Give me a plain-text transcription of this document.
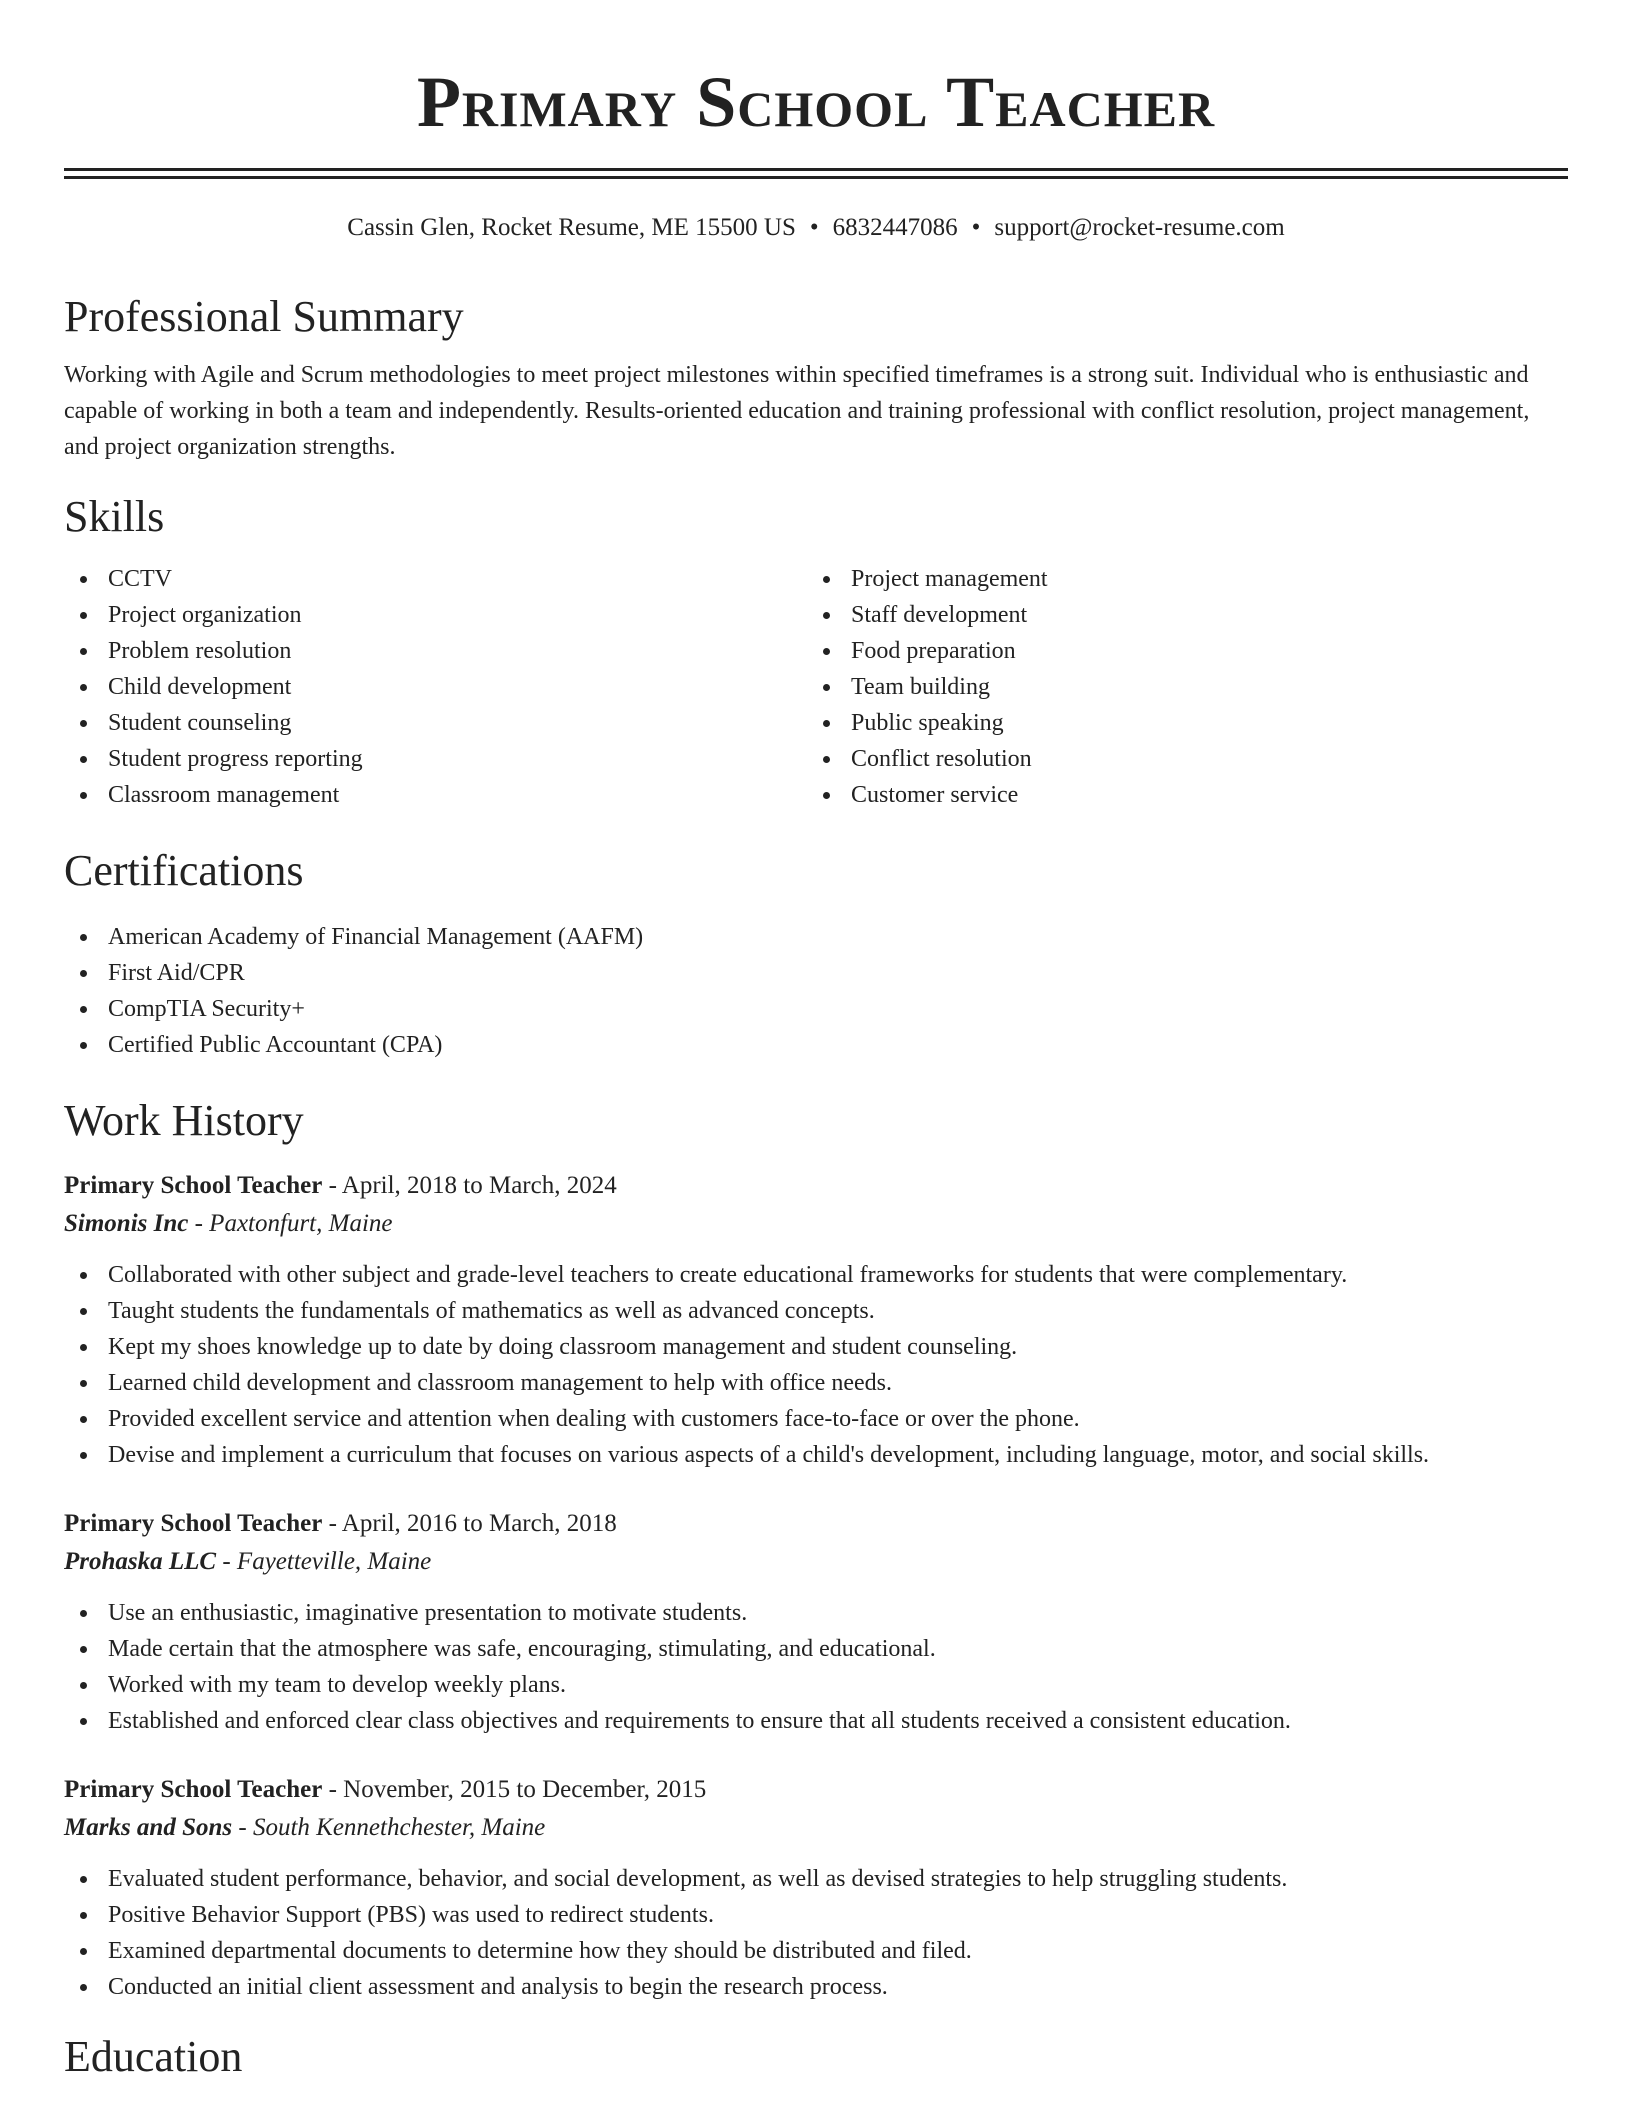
Primary School Teacher
Cassin Glen, Rocket Resume, ME 15500 US • 6832447086 • support@rocket-resume.com
Professional Summary

Working with Agile and Scrum methodologies to meet project milestones within specified timeframes is a strong suit. Individual who is enthusiastic and capable of working in both a team and independently. Results-oriented education and training professional with conflict resolution, project management, and project organization strengths.

Skills
CCTV
Project organization
Problem resolution
Child development
Student counseling
Student progress reporting
Classroom management
Project management
Staff development
Food preparation
Team building
Public speaking
Conflict resolution
Customer service
Certifications
American Academy of Financial Management (AAFM)
First Aid/CPR
CompTIA Security+
Certified Public Accountant (CPA)
Work History
Primary School Teacher - April, 2018 to March, 2024
Simonis Inc - Paxtonfurt, Maine
Collaborated with other subject and grade-level teachers to create educational frameworks for students that were complementary.
Taught students the fundamentals of mathematics as well as advanced concepts.
Kept my shoes knowledge up to date by doing classroom management and student counseling.
Learned child development and classroom management to help with office needs.
Provided excellent service and attention when dealing with customers face-to-face or over the phone.
Devise and implement a curriculum that focuses on various aspects of a child's development, including language, motor, and social skills.
Primary School Teacher - April, 2016 to March, 2018
Prohaska LLC - Fayetteville, Maine
Use an enthusiastic, imaginative presentation to motivate students.
Made certain that the atmosphere was safe, encouraging, stimulating, and educational.
Worked with my team to develop weekly plans.
Established and enforced clear class objectives and requirements to ensure that all students received a consistent education.
Primary School Teacher - November, 2015 to December, 2015
Marks and Sons - South Kennethchester, Maine
Evaluated student performance, behavior, and social development, as well as devised strategies to help struggling students.
Positive Behavior Support (PBS) was used to redirect students.
Examined departmental documents to determine how they should be distributed and filed.
Conducted an initial client assessment and analysis to begin the research process.
Education
